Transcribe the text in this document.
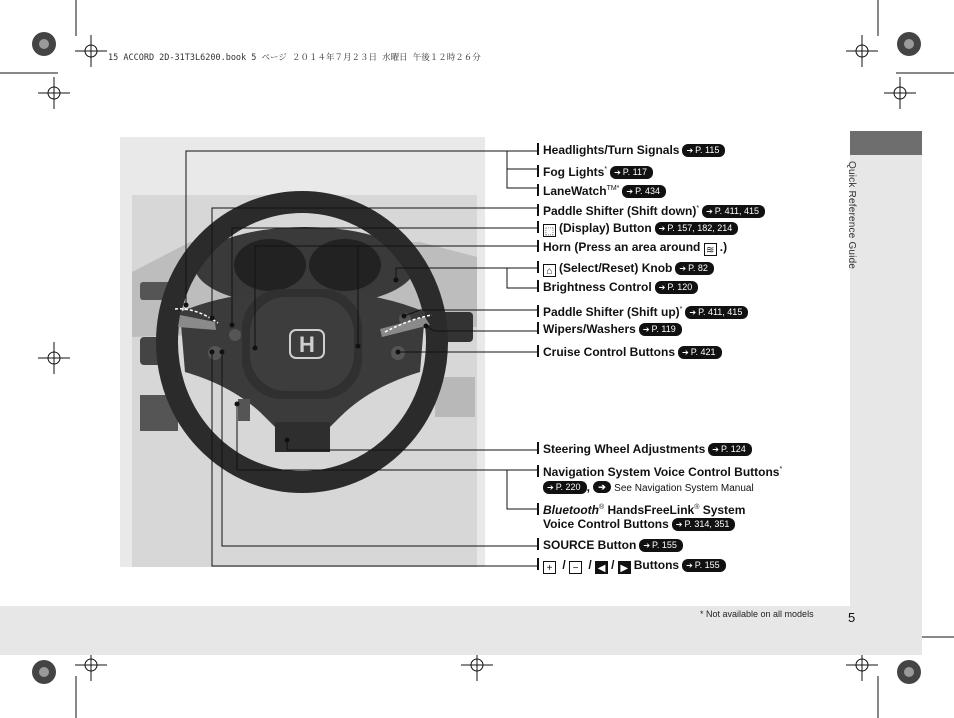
15 ACCORD 2D-31T3L6200.book 5 ページ ２０１４年７月２３日 水曜日 午後１２時２６分
Quick Reference Guide
* Not available on all models	5
H
Headlights/Turn Signals ➔ P. 115
Fog Lights* ➔ P. 117
LaneWatch$^{TM*}$ ➔ P. 434
Paddle Shifter (Shift down)* ➔ P. 411, 415
⬚ (Display) Button ➔ P. 157, 182, 214
Horn (Press an area around ≋ .)
⌂ (Select/Reset) Knob ➔ P. 82
Brightness Control ➔ P. 120
Paddle Shifter (Shift up)* ➔ P. 411, 415
Wipers/Washers ➔ P. 119
Cruise Control Buttons ➔ P. 421
Steering Wheel Adjustments ➔ P. 124
Navigation System Voice Control Buttons*
➔ P. 220 , ➔ See Navigation System Manual
Bluetooth® HandsFreeLink® System
Voice Control Buttons ➔ P. 314, 351
SOURCE Button ➔ P. 155
+ / − / ◀ / ▶ Buttons ➔ P. 155
